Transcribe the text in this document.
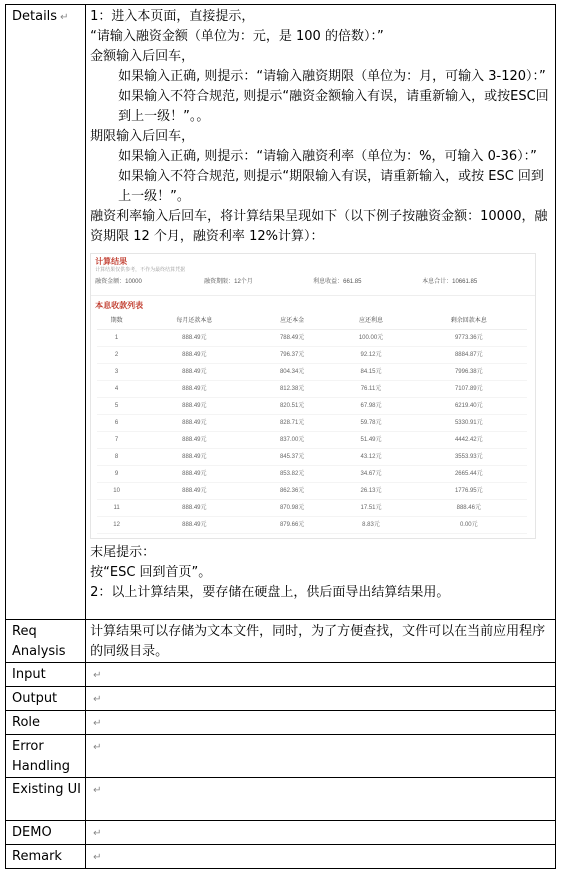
Details ↵	1：进入本页面，直接提示，
“请输入融资金额（单位为：元，是 100 的倍数）：”
金额输入后回车，
如果输入正确, 则提示：“请输入融资期限（单位为：月，可输入 3-120）：”
如果输入不符合规范, 则提示“融资金额输入有误，请重新输入，或按ESC回到上一级！”。。
期限输入后回车，
如果输入正确, 则提示：“请输入融资利率（单位为：%，可输入 0-36）：”
如果输入不符合规范, 则提示“期限输入有误，请重新输入，或按 ESC 回到上一级！”。
融资利率输入后回车，将计算结果呈现如下（以下例子按融资金额：10000，融资期限 12 个月，融资利率 12%计算）：
计算结果
计算结果仅供参考，不作为最终结算凭据
融资金额：10000	融资期限：12个月	利息收益：661.85	本息合计：10661.85
本息收款列表
期数	每月还款本息	应还本金	应还利息	剩余回款本息
1	888.49元	788.49元	100.00元	9773.36元
2	888.49元	796.37元	92.12元	8884.87元
3	888.49元	804.34元	84.15元	7996.38元
4	888.49元	812.38元	76.11元	7107.89元
5	888.49元	820.51元	67.98元	6219.40元
6	888.49元	828.71元	59.78元	5330.91元
7	888.49元	837.00元	51.49元	4442.42元
8	888.49元	845.37元	43.12元	3553.93元
9	888.49元	853.82元	34.67元	2665.44元
10	888.49元	862.36元	26.13元	1776.95元
11	888.49元	870.98元	17.51元	888.46元
12	888.49元	879.66元	8.83元	0.00元
末尾提示：
按“ESC 回到首页”。
2：以上计算结果，要存储在硬盘上，供后面导出结算结果用。

Req Analysis	计算结果可以存储为文本文件，同时，为了方便查找，文件可以在当前应用程序的同级目录。
Input	↵
Output	↵
Role	↵
Error Handling	↵
Existing UI	↵
DEMO	↵
Remark	↵
